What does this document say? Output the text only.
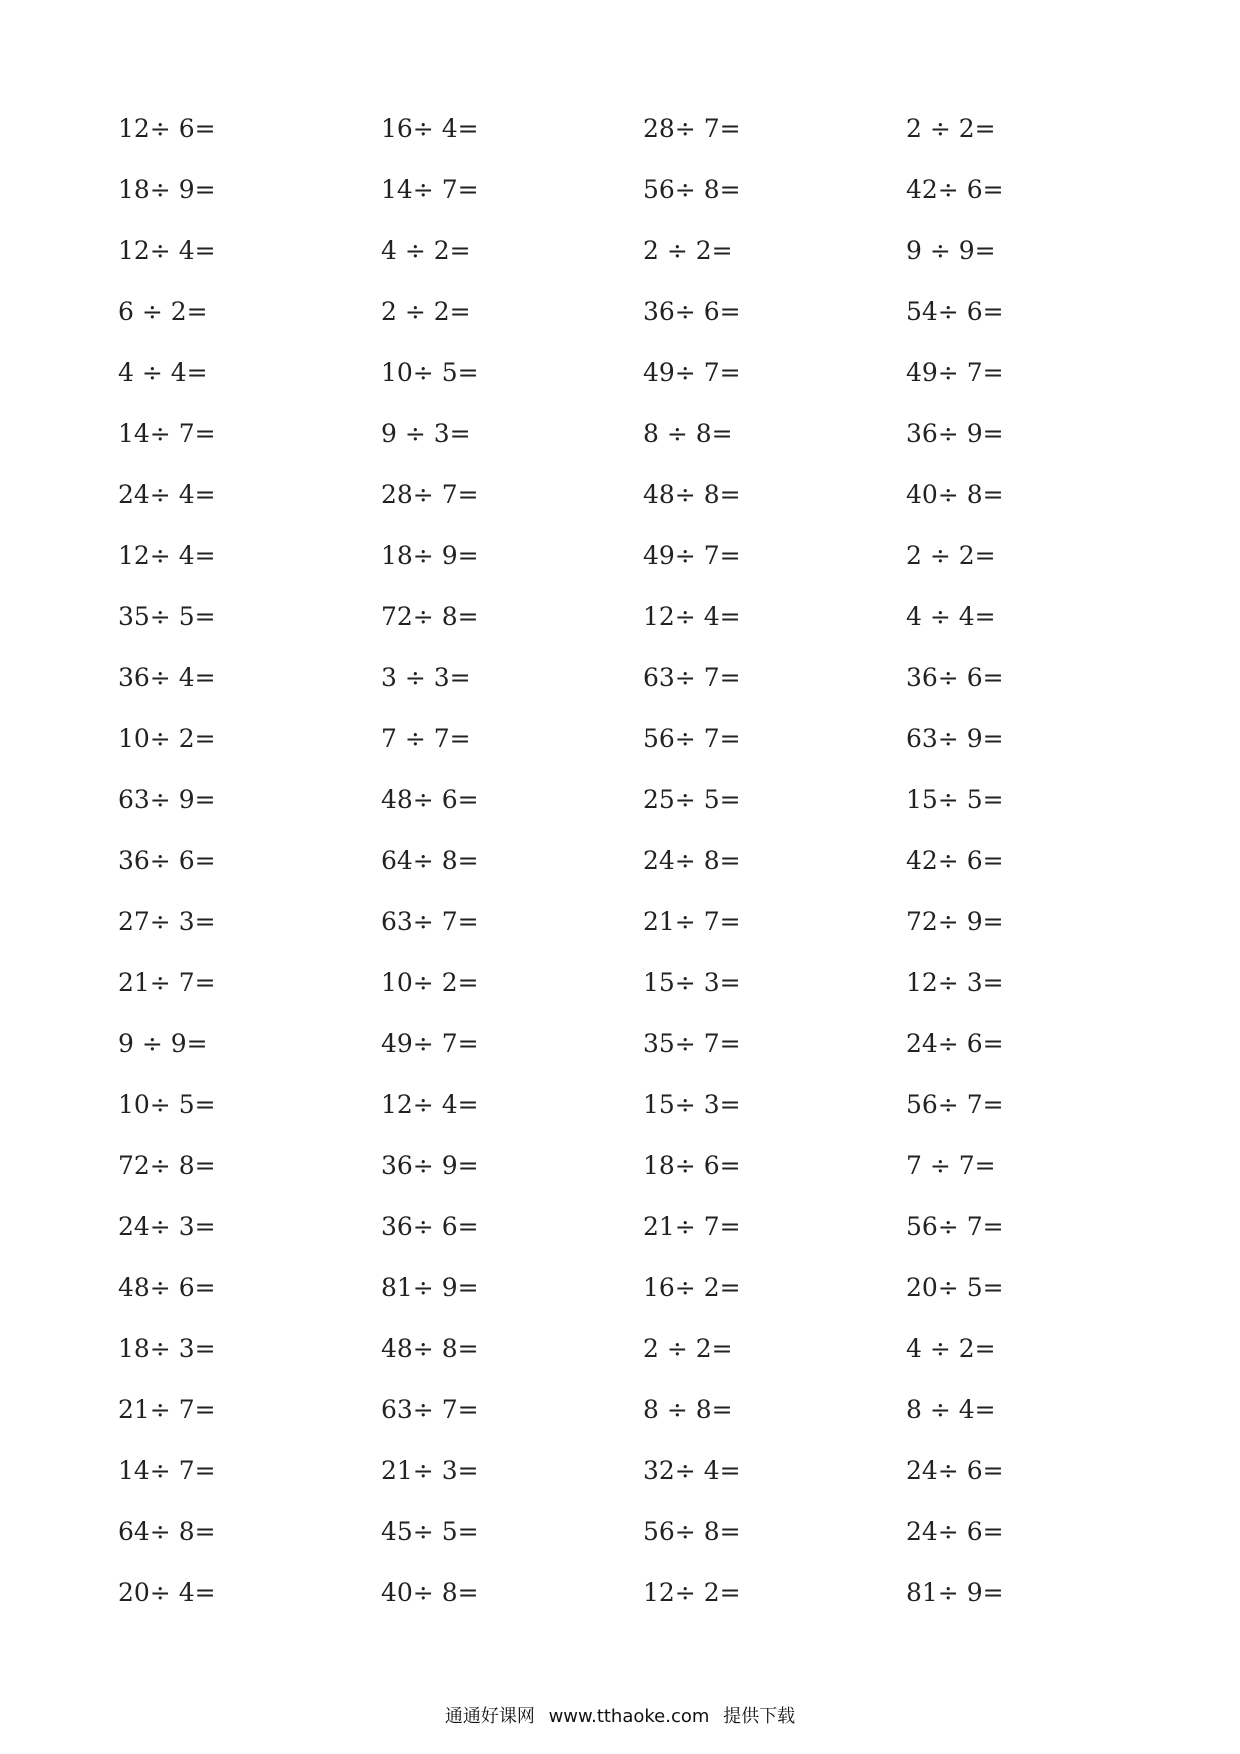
12÷ 6=	16÷ 4=	28÷ 7=	2 ÷ 2=
18÷ 9=	14÷ 7=	56÷ 8=	42÷ 6=
12÷ 4=	4 ÷ 2=	2 ÷ 2=	9 ÷ 9=
6 ÷ 2=	2 ÷ 2=	36÷ 6=	54÷ 6=
4 ÷ 4=	10÷ 5=	49÷ 7=	49÷ 7=
14÷ 7=	9 ÷ 3=	8 ÷ 8=	36÷ 9=
24÷ 4=	28÷ 7=	48÷ 8=	40÷ 8=
12÷ 4=	18÷ 9=	49÷ 7=	2 ÷ 2=
35÷ 5=	72÷ 8=	12÷ 4=	4 ÷ 4=
36÷ 4=	3 ÷ 3=	63÷ 7=	36÷ 6=
10÷ 2=	7 ÷ 7=	56÷ 7=	63÷ 9=
63÷ 9=	48÷ 6=	25÷ 5=	15÷ 5=
36÷ 6=	64÷ 8=	24÷ 8=	42÷ 6=
27÷ 3=	63÷ 7=	21÷ 7=	72÷ 9=
21÷ 7=	10÷ 2=	15÷ 3=	12÷ 3=
9 ÷ 9=	49÷ 7=	35÷ 7=	24÷ 6=
10÷ 5=	12÷ 4=	15÷ 3=	56÷ 7=
72÷ 8=	36÷ 9=	18÷ 6=	7 ÷ 7=
24÷ 3=	36÷ 6=	21÷ 7=	56÷ 7=
48÷ 6=	81÷ 9=	16÷ 2=	20÷ 5=
18÷ 3=	48÷ 8=	2 ÷ 2=	4 ÷ 2=
21÷ 7=	63÷ 7=	8 ÷ 8=	8 ÷ 4=
14÷ 7=	21÷ 3=	32÷ 4=	24÷ 6=
64÷ 8=	45÷ 5=	56÷ 8=	24÷ 6=
20÷ 4=	40÷ 8=	12÷ 2=	81÷ 9=
通通好课网 www.tthaoke.com 提供下载
